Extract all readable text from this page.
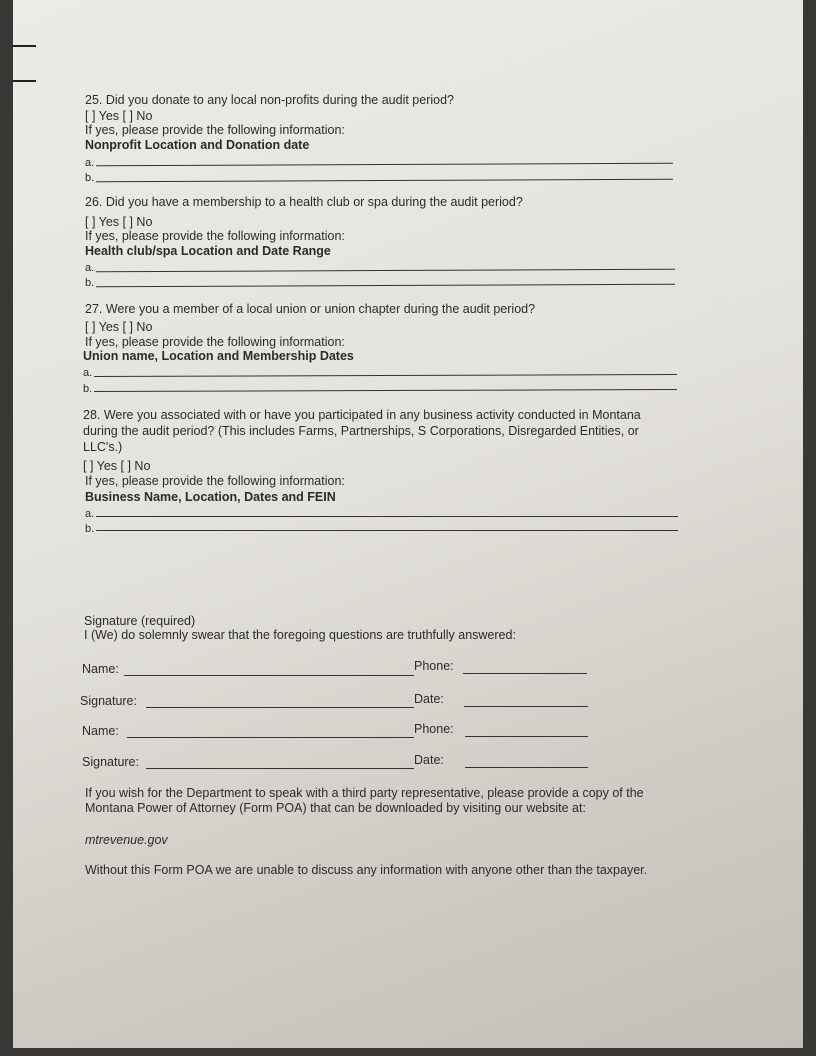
25. Did you donate to any local non-profits during the audit period?
[ ] Yes [ ] No
If yes, please provide the following information:
Nonprofit Location and Donation date
a.
b.
26. Did you have a membership to a health club or spa during the audit period?
[ ] Yes [ ] No
If yes, please provide the following information:
Health club/spa Location and Date Range
a.
b.
27. Were you a member of a local union or union chapter during the audit period?
[ ] Yes [ ] No
If yes, please provide the following information:
Union name, Location and Membership Dates
a.
b.
28. Were you associated with or have you participated in any business activity conducted in Montana
during the audit period? (This includes Farms, Partnerships, S Corporations, Disregarded Entities, or
LLC's.)
[ ] Yes [ ] No
If yes, please provide the following information:
Business Name, Location, Dates and FEIN
a.
b.
Signature (required)
I (We) do solemnly swear that the foregoing questions are truthfully answered:
Name:	Phone:
Signature:	Date:
Name:	Phone:
Signature:	Date:
If you wish for the Department to speak with a third party representative, please provide a copy of the
Montana Power of Attorney (Form POA) that can be downloaded by visiting our website at:
mtrevenue.gov
Without this Form POA we are unable to discuss any information with anyone other than the taxpayer.
